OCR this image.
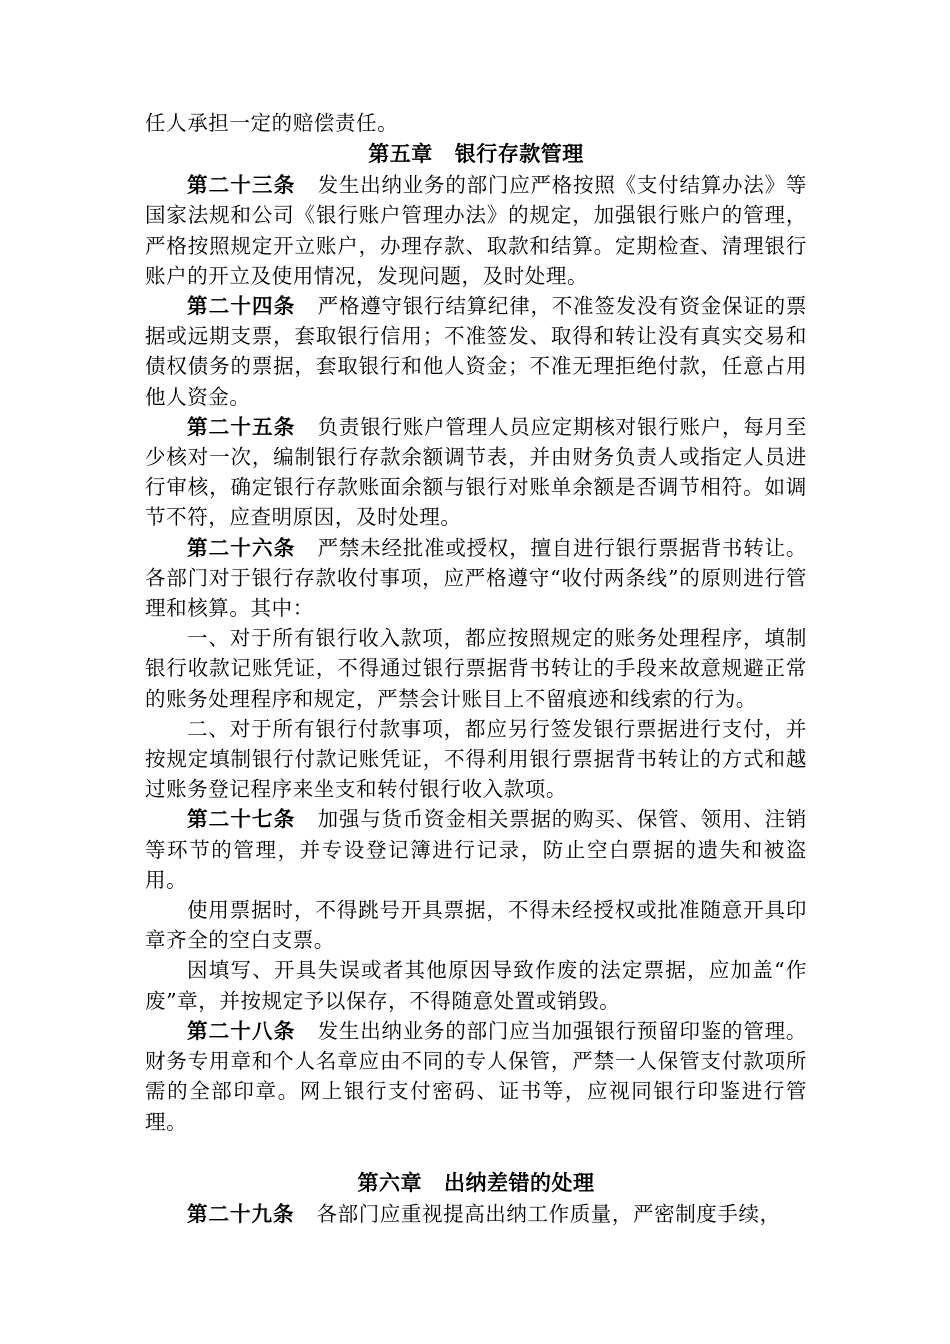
任人承担一定的赔偿责任。

第五章 银行存款管理

第二十三条 发生出纳业务的部门应严格按照《支付结算办法》等国家法规和公司《银行账户管理办法》的规定，加强银行账户的管理，严格按照规定开立账户，办理存款、取款和结算。定期检查、清理银行账户的开立及使用情况，发现问题，及时处理。

第二十四条 严格遵守银行结算纪律，不准签发没有资金保证的票据或远期支票，套取银行信用；不准签发、取得和转让没有真实交易和债权债务的票据，套取银行和他人资金；不准无理拒绝付款，任意占用他人资金。

第二十五条 负责银行账户管理人员应定期核对银行账户，每月至少核对一次，编制银行存款余额调节表，并由财务负责人或指定人员进行审核，确定银行存款账面余额与银行对账单余额是否调节相符。如调节不符，应查明原因，及时处理。

第二十六条 严禁未经批准或授权，擅自进行银行票据背书转让。各部门对于银行存款收付事项，应严格遵守“收付两条线”的原则进行管理和核算。其中：

一、对于所有银行收入款项，都应按照规定的账务处理程序，填制银行收款记账凭证，不得通过银行票据背书转让的手段来故意规避正常的账务处理程序和规定，严禁会计账目上不留痕迹和线索的行为。

二、对于所有银行付款事项，都应另行签发银行票据进行支付，并按规定填制银行付款记账凭证，不得利用银行票据背书转让的方式和越过账务登记程序来坐支和转付银行收入款项。

第二十七条 加强与货币资金相关票据的购买、保管、领用、注销等环节的管理，并专设登记簿进行记录，防止空白票据的遗失和被盗用。

使用票据时，不得跳号开具票据，不得未经授权或批准随意开具印章齐全的空白支票。

因填写、开具失误或者其他原因导致作废的法定票据，应加盖“作废”章，并按规定予以保存，不得随意处置或销毁。

第二十八条 发生出纳业务的部门应当加强银行预留印鉴的管理。财务专用章和个人名章应由不同的专人保管，严禁一人保管支付款项所需的全部印章。网上银行支付密码、证书等，应视同银行印鉴进行管理。

第六章 出纳差错的处理

第二十九条 各部门应重视提高出纳工作质量，严密制度手续，
